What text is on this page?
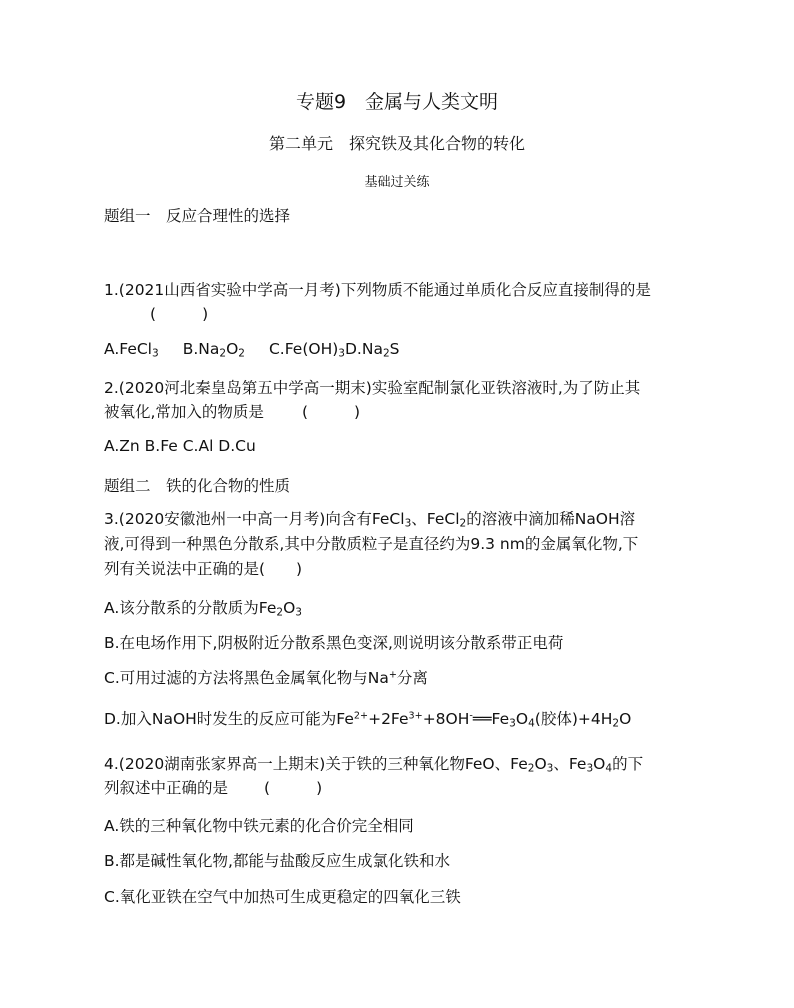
专题9　金属与人类文明
第二单元　探究铁及其化合物的转化
基础过关练
题组一　反应合理性的选择
1.(2021山西省实验中学高一月考)下列物质不能通过单质化合反应直接制得的是
(	)
A.FeCl$_3$ $B.Na_2O_2$ $C.Fe(OH)_3D.Na_2S$
2.(2020河北秦皇岛第五中学高一期末)实验室配制氯化亚铁溶液时,为了防止其
被氧化,常加入的物质是 (	)
A.Zn B.Fe C.Al D.Cu
题组二　铁的化合物的性质
3.(2020安徽池州一中高一月考)向含有FeCl$_3$、FeCl$_2$的溶液中滴加稀NaOH溶
液,可得到一种黑色分散系,其中分散质粒子是直径约为9.3 nm的金属氧化物,下
列有关说法中正确的是(　　)
A.该分散系的分散质为$Fe_2O_3$
B.在电场作用下,阴极附近分散系黑色变深,则说明该分散系带正电荷
C.可用过滤的方法将黑色金属氧化物与Na+分离
D.加入NaOH时发生的反应可能为$Fe^{2+}+2Fe^{3+}+8OH^-══Fe_3O_4$(胶体)$+4H_2O$
4.(2020湖南张家界高一上期末)关于铁的三种氧化物FeO、$Fe_2O_3$、$Fe_3O_4$的下
列叙述中正确的是 (	)
A.铁的三种氧化物中铁元素的化合价完全相同
B.都是碱性氧化物,都能与盐酸反应生成氯化铁和水
C.氧化亚铁在空气中加热可生成更稳定的四氧化三铁
